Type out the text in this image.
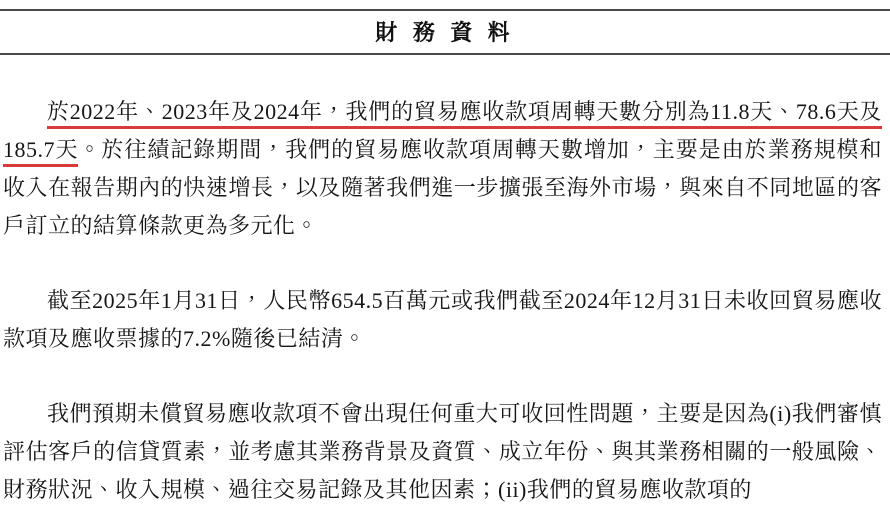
財 務 資 料

於2022年、2023年及2024年，我們的貿易應收款項周轉天數分別為11.8天、78.6天及185.7天。於往績記錄期間，我們的貿易應收款項周轉天數增加，主要是由於業務規模和收入在報告期內的快速增長，以及隨著我們進一步擴張至海外市場，與來自不同地區的客戶訂立的結算條款更為多元化。

截至2025年1月31日，人民幣654.5百萬元或我們截至2024年12月31日未收回貿易應收款項及應收票據的7.2%隨後已結清。

我們預期未償貿易應收款項不會出現任何重大可收回性問題，主要是因為(i)我們審慎評估客戶的信貸質素，並考慮其業務背景及資質、成立年份、與其業務相關的一般風險、財務狀況、收入規模、過往交易記錄及其他因素；(ii)我們的貿易應收款項的
